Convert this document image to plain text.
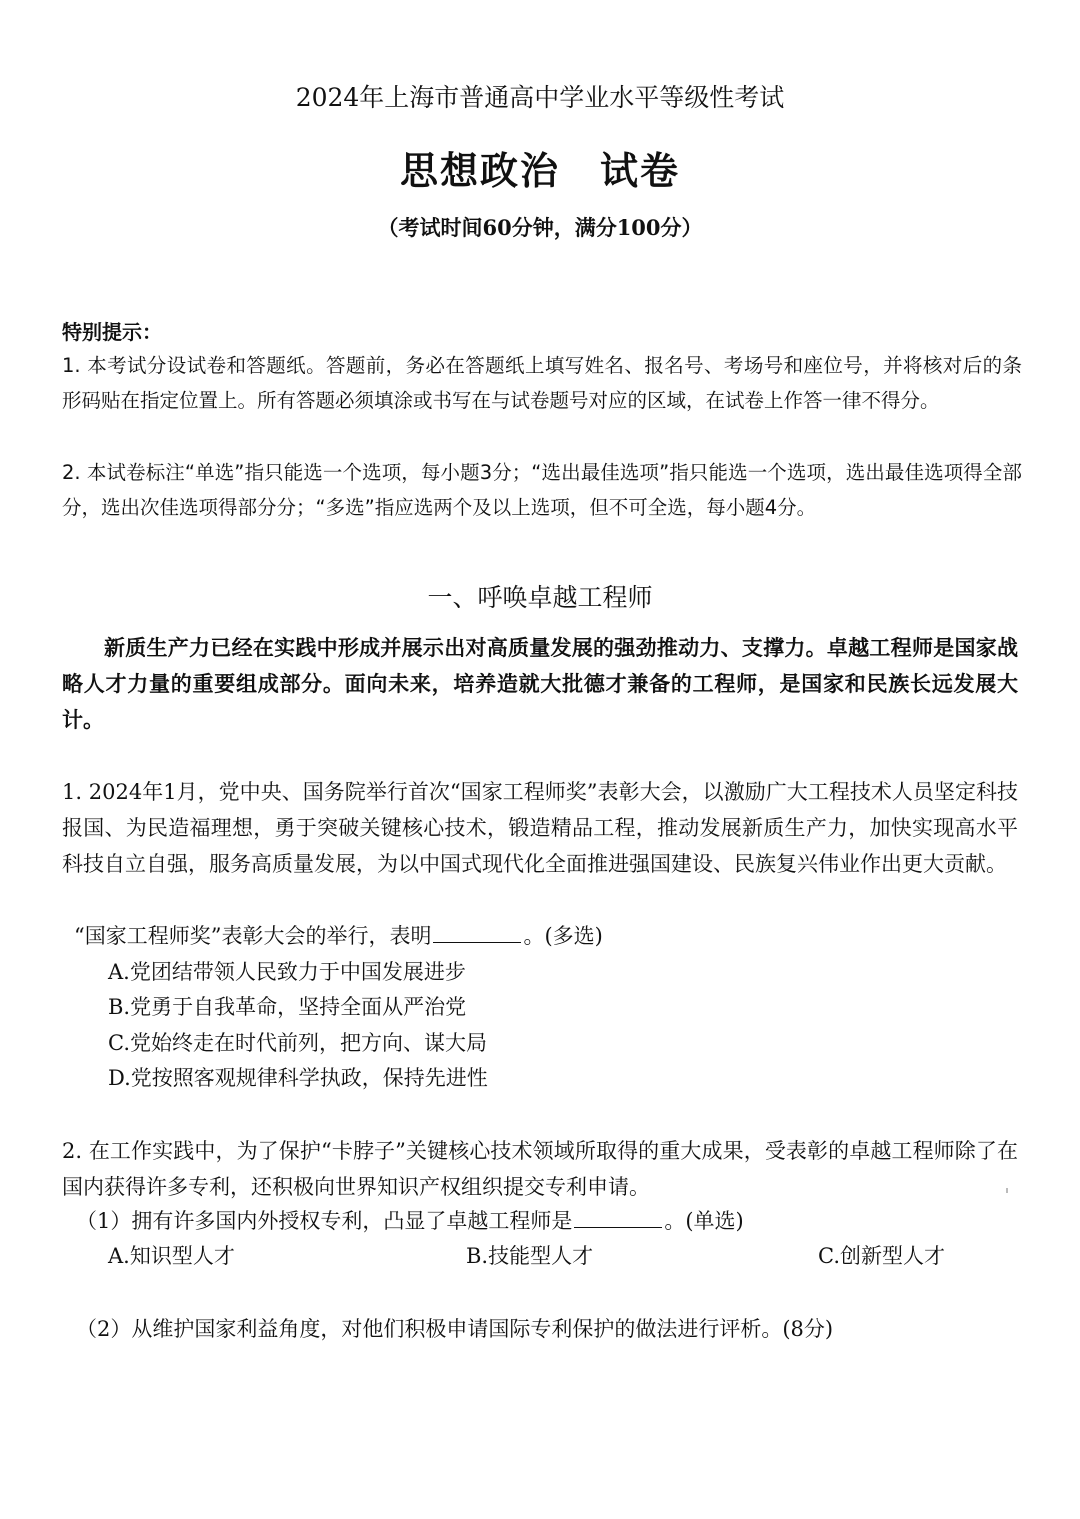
2024年上海市普通高中学业水平等级性考试
思想政治　试卷
（考试时间60分钟，满分100分）
特别提示：
1. 本考试分设试卷和答题纸。答题前，务必在答题纸上填写姓名、报名号、考场号和座位号，并将核对后的条形码贴在指定位置上。所有答题必须填涂或书写在与试卷题号对应的区域，在试卷上作答一律不得分。
2. 本试卷标注“单选”指只能选一个选项，每小题3分；“选出最佳选项”指只能选一个选项，选出最佳选项得全部分，选出次佳选项得部分分；“多选”指应选两个及以上选项，但不可全选，每小题4分。
一、呼唤卓越工程师
新质生产力已经在实践中形成并展示出对高质量发展的强劲推动力、支撑力。卓越工程师是国家战略人才力量的重要组成部分。面向未来，培养造就大批德才兼备的工程师，是国家和民族长远发展大计。
1. 2024年1月，党中央、国务院举行首次“国家工程师奖”表彰大会，以激励广大工程技术人员坚定科技报国、为民造福理想，勇于突破关键核心技术，锻造精品工程，推动发展新质生产力，加快实现高水平科技自立自强，服务高质量发展，为以中国式现代化全面推进强国建设、民族复兴伟业作出更大贡献。
“国家工程师奖”表彰大会的举行，表明	。(多选)
A.党团结带领人民致力于中国发展进步
B.党勇于自我革命，坚持全面从严治党
C.党始终走在时代前列，把方向、谋大局
D.党按照客观规律科学执政，保持先进性
2. 在工作实践中，为了保护“卡脖子”关键核心技术领域所取得的重大成果，受表彰的卓越工程师除了在国内获得许多专利，还积极向世界知识产权组织提交专利申请。
（1）拥有许多国内外授权专利，凸显了卓越工程师是	。(单选)
A.知识型人才	B.技能型人才	C.创新型人才
（2）从维护国家利益角度，对他们积极申请国际专利保护的做法进行评析。(8分)
